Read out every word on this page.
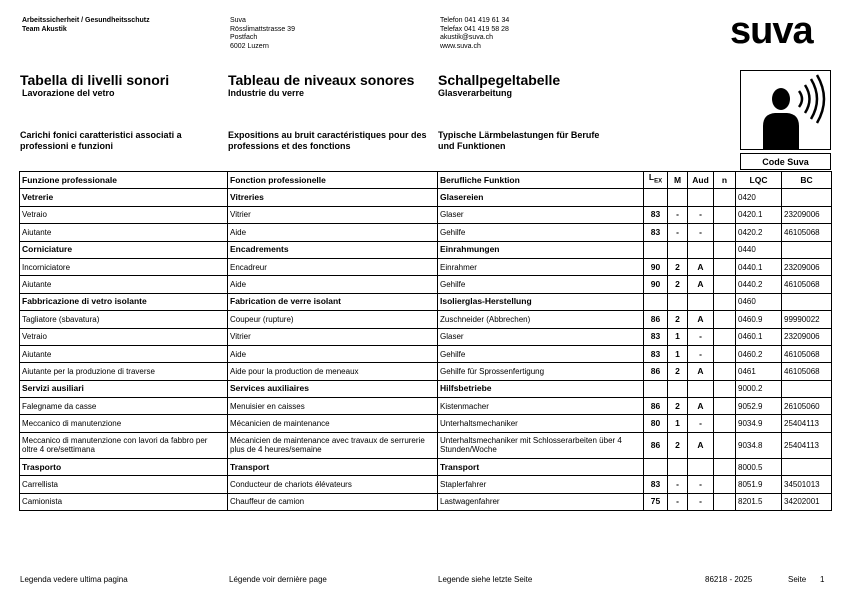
Arbeitssicherheit / Gesundheitsschutz
Team Akustik
Suva
Rösslimattstrasse 39
Postfach
6002 Luzern
Telefon 041 419 61 34
Telefax 041 419 58 28
akustik@suva.ch
www.suva.ch	suva
Tabella di livelli sonori
Lavorazione del vetro
Tableau de niveaux sonores
Industrie du verre
Schallpegeltabelle
Glasverarbeitung
Carichi fonici caratteristici associati a professioni e funzioni
Expositions au bruit caractéristiques pour des professions et des fonctions
Typische Lärmbelastungen für Berufe und Funktionen
Code Suva
Funzione professionale	Fonction professionelle	Berufliche Funktion	$L_{EX}$	M	Aud	n	LQC	BC
Vetrerie	Vitreries	Glasereien					0420	
Vetraio	Vitrier	Glaser	83	-	-		0420.1	23209006
Aiutante	Aide	Gehilfe	83	-	-		0420.2	46105068
Corniciature	Encadrements	Einrahmungen					0440	
Incorniciatore	Encadreur	Einrahmer	90	2	A		0440.1	23209006
Aiutante	Aide	Gehilfe	90	2	A		0440.2	46105068
Fabbricazione di vetro isolante	Fabrication de verre isolant	Isolierglas-Herstellung					0460	
Tagliatore (sbavatura)	Coupeur (rupture)	Zuschneider (Abbrechen)	86	2	A		0460.9	99990022
Vetraio	Vitrier	Glaser	83	1	-		0460.1	23209006
Aiutante	Aide	Gehilfe	83	1	-		0460.2	46105068
Aiutante per la produzione di traverse	Aide pour la production de meneaux	Gehilfe für Sprossenfertigung	86	2	A		0461	46105068
Servizi ausiliari	Services auxiliaires	Hilfsbetriebe					9000.2	
Falegname da casse	Menuisier en caisses	Kistenmacher	86	2	A		9052.9	26105060
Meccanico di manutenzione	Mécanicien de maintenance	Unterhaltsmechaniker	80	1	-		9034.9	25404113
Meccanico di manutenzione con lavori da fabbro per oltre 4 ore/settimana	Mécanicien de maintenance avec travaux de serrurerie plus de 4 heures/semaine	Unterhaltsmechaniker mit Schlosserarbeiten über 4 Stunden/Woche	86	2	A		9034.8	25404113
Trasporto	Transport	Transport					8000.5	
Carrellista	Conducteur de chariots élévateurs	Staplerfahrer	83	-	-		8051.9	34501013
Camionista	Chauffeur de camion	Lastwagenfahrer	75	-	-		8201.5	34202001
Legenda vedere ultima pagina	Légende voir dernière page	Legende siehe letzte Seite	86218 - 2025	Seite 1
